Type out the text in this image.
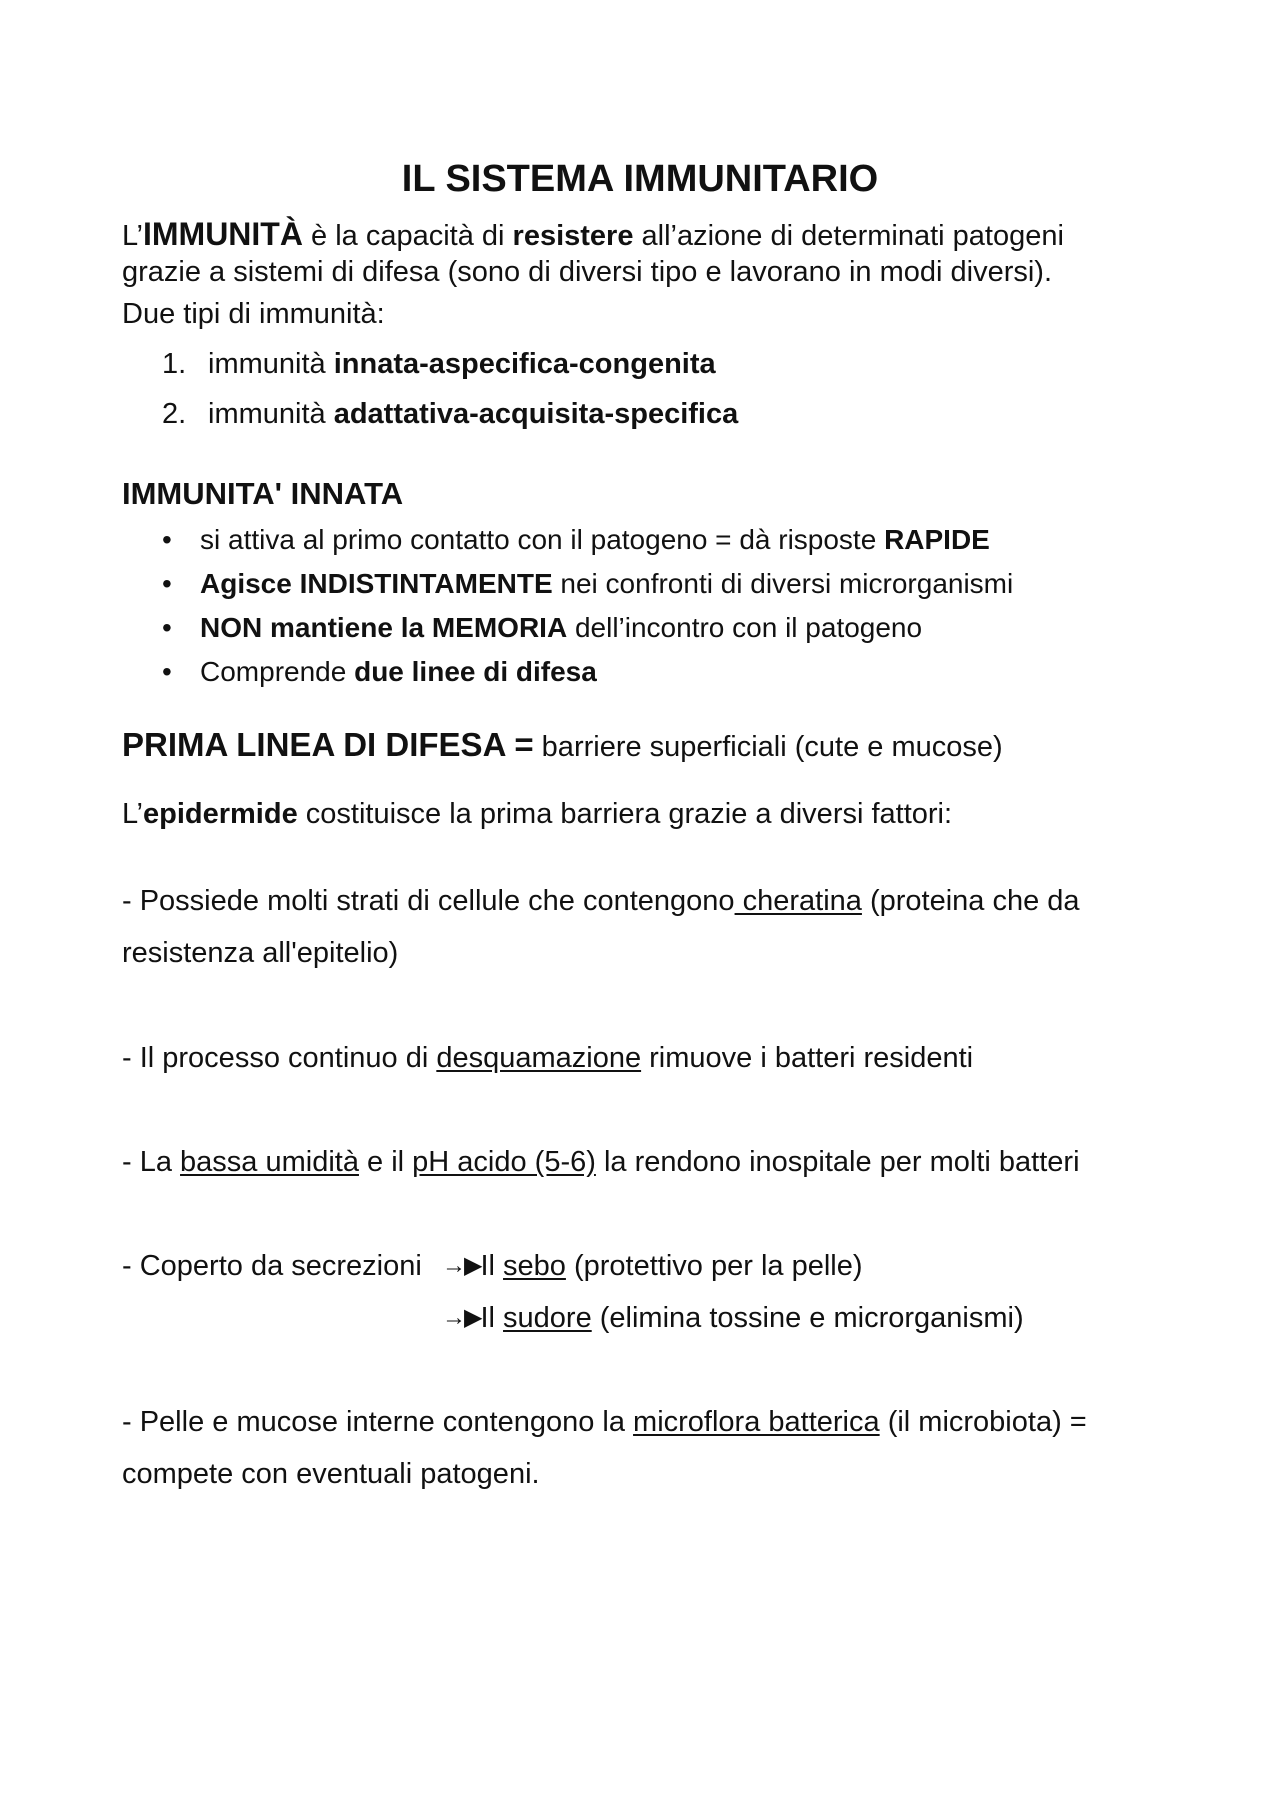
IL SISTEMA IMMUNITARIO
L’IMMUNITÀ è la capacità di resistere all’azione di determinati patogeni
grazie a sistemi di difesa (sono di diversi tipo e lavorano in modi diversi).
Due tipi di immunità:
1. immunità innata-aspecifica-congenita
2. immunità adattativa-acquisita-specifica
IMMUNITA' INNATA
• si attiva al primo contatto con il patogeno = dà risposte RAPIDE
• Agisce INDISTINTAMENTE nei confronti di diversi microrganismi
• NON mantiene la MEMORIA dell’incontro con il patogeno
• Comprende due linee di difesa
PRIMA LINEA DI DIFESA = barriere superficiali (cute e mucose)
L’epidermide costituisce la prima barriera grazie a diversi fattori:
- Possiede molti strati di cellule che contengono cheratina (proteina che da
resistenza all'epitelio)
- Il processo continuo di desquamazione rimuove i batteri residenti
- La bassa umidità e il pH acido (5-6) la rendono inospitale per molti batteri
- Coperto da secrezioni →▶Il sebo (protettivo per la pelle)
→▶Il sudore (elimina tossine e microrganismi)
- Pelle e mucose interne contengono la microflora batterica (il microbiota) =
compete con eventuali patogeni.
